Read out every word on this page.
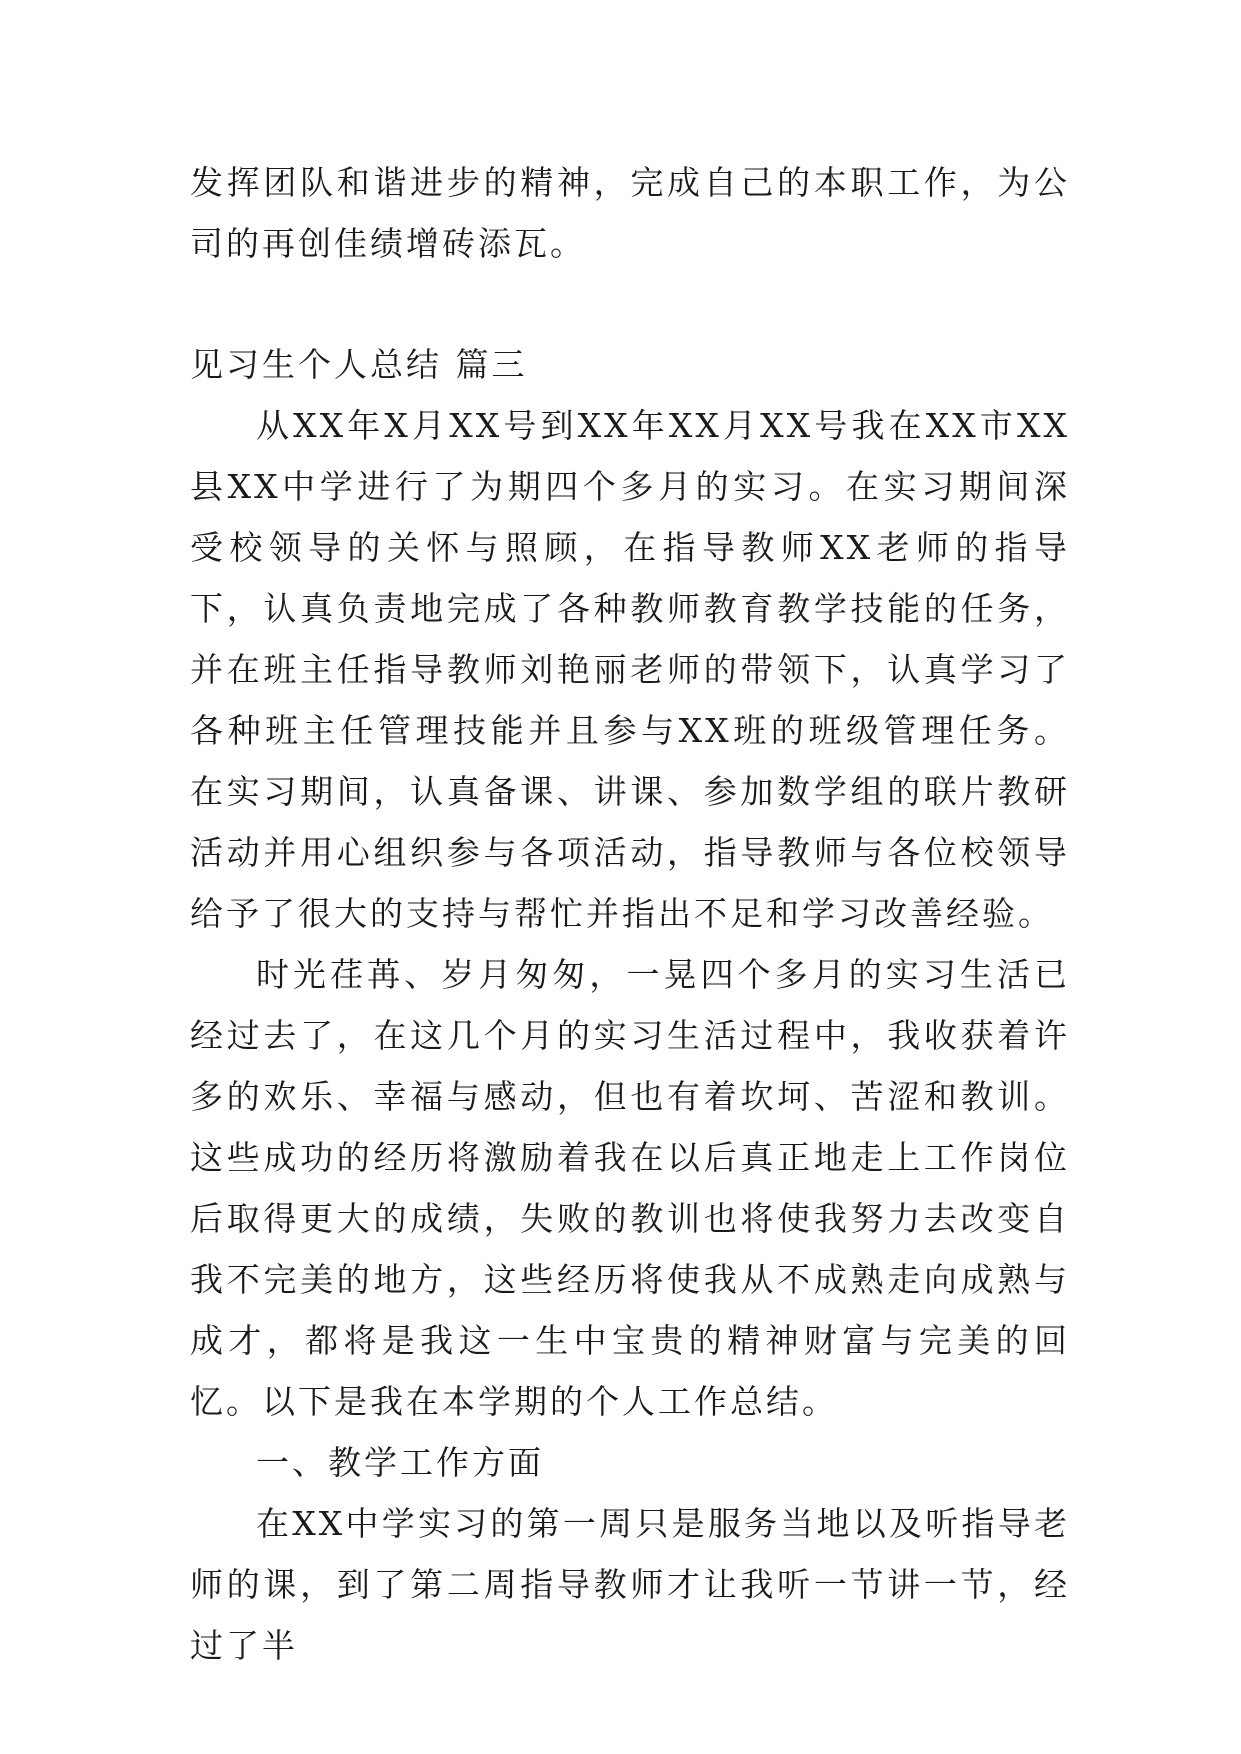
发挥团队和谐进步的精神，完成自己的本职工作，为公司的再创佳绩增砖添瓦。

见习生个人总结 篇三

从XX年X月XX号到XX年XX月XX号我在XX市XX县XX中学进行了为期四个多月的实习。在实习期间深受校领导的关怀与照顾，在指导教师XX老师的指导下，认真负责地完成了各种教师教育教学技能的任务，并在班主任指导教师刘艳丽老师的带领下，认真学习了各种班主任管理技能并且参与XX班的班级管理任务。在实习期间，认真备课、讲课、参加数学组的联片教研活动并用心组织参与各项活动，指导教师与各位校领导给予了很大的支持与帮忙并指出不足和学习改善经验。

时光荏苒、岁月匆匆，一晃四个多月的实习生活已经过去了，在这几个月的实习生活过程中，我收获着许多的欢乐、幸福与感动，但也有着坎坷、苦涩和教训。这些成功的经历将激励着我在以后真正地走上工作岗位后取得更大的成绩，失败的教训也将使我努力去改变自我不完美的地方，这些经历将使我从不成熟走向成熟与成才，都将是我这一生中宝贵的精神财富与完美的回忆。以下是我在本学期的个人工作总结。

一、教学工作方面

在XX中学实习的第一周只是服务当地以及听指导老师的课，到了第二周指导教师才让我听一节讲一节，经过了半
